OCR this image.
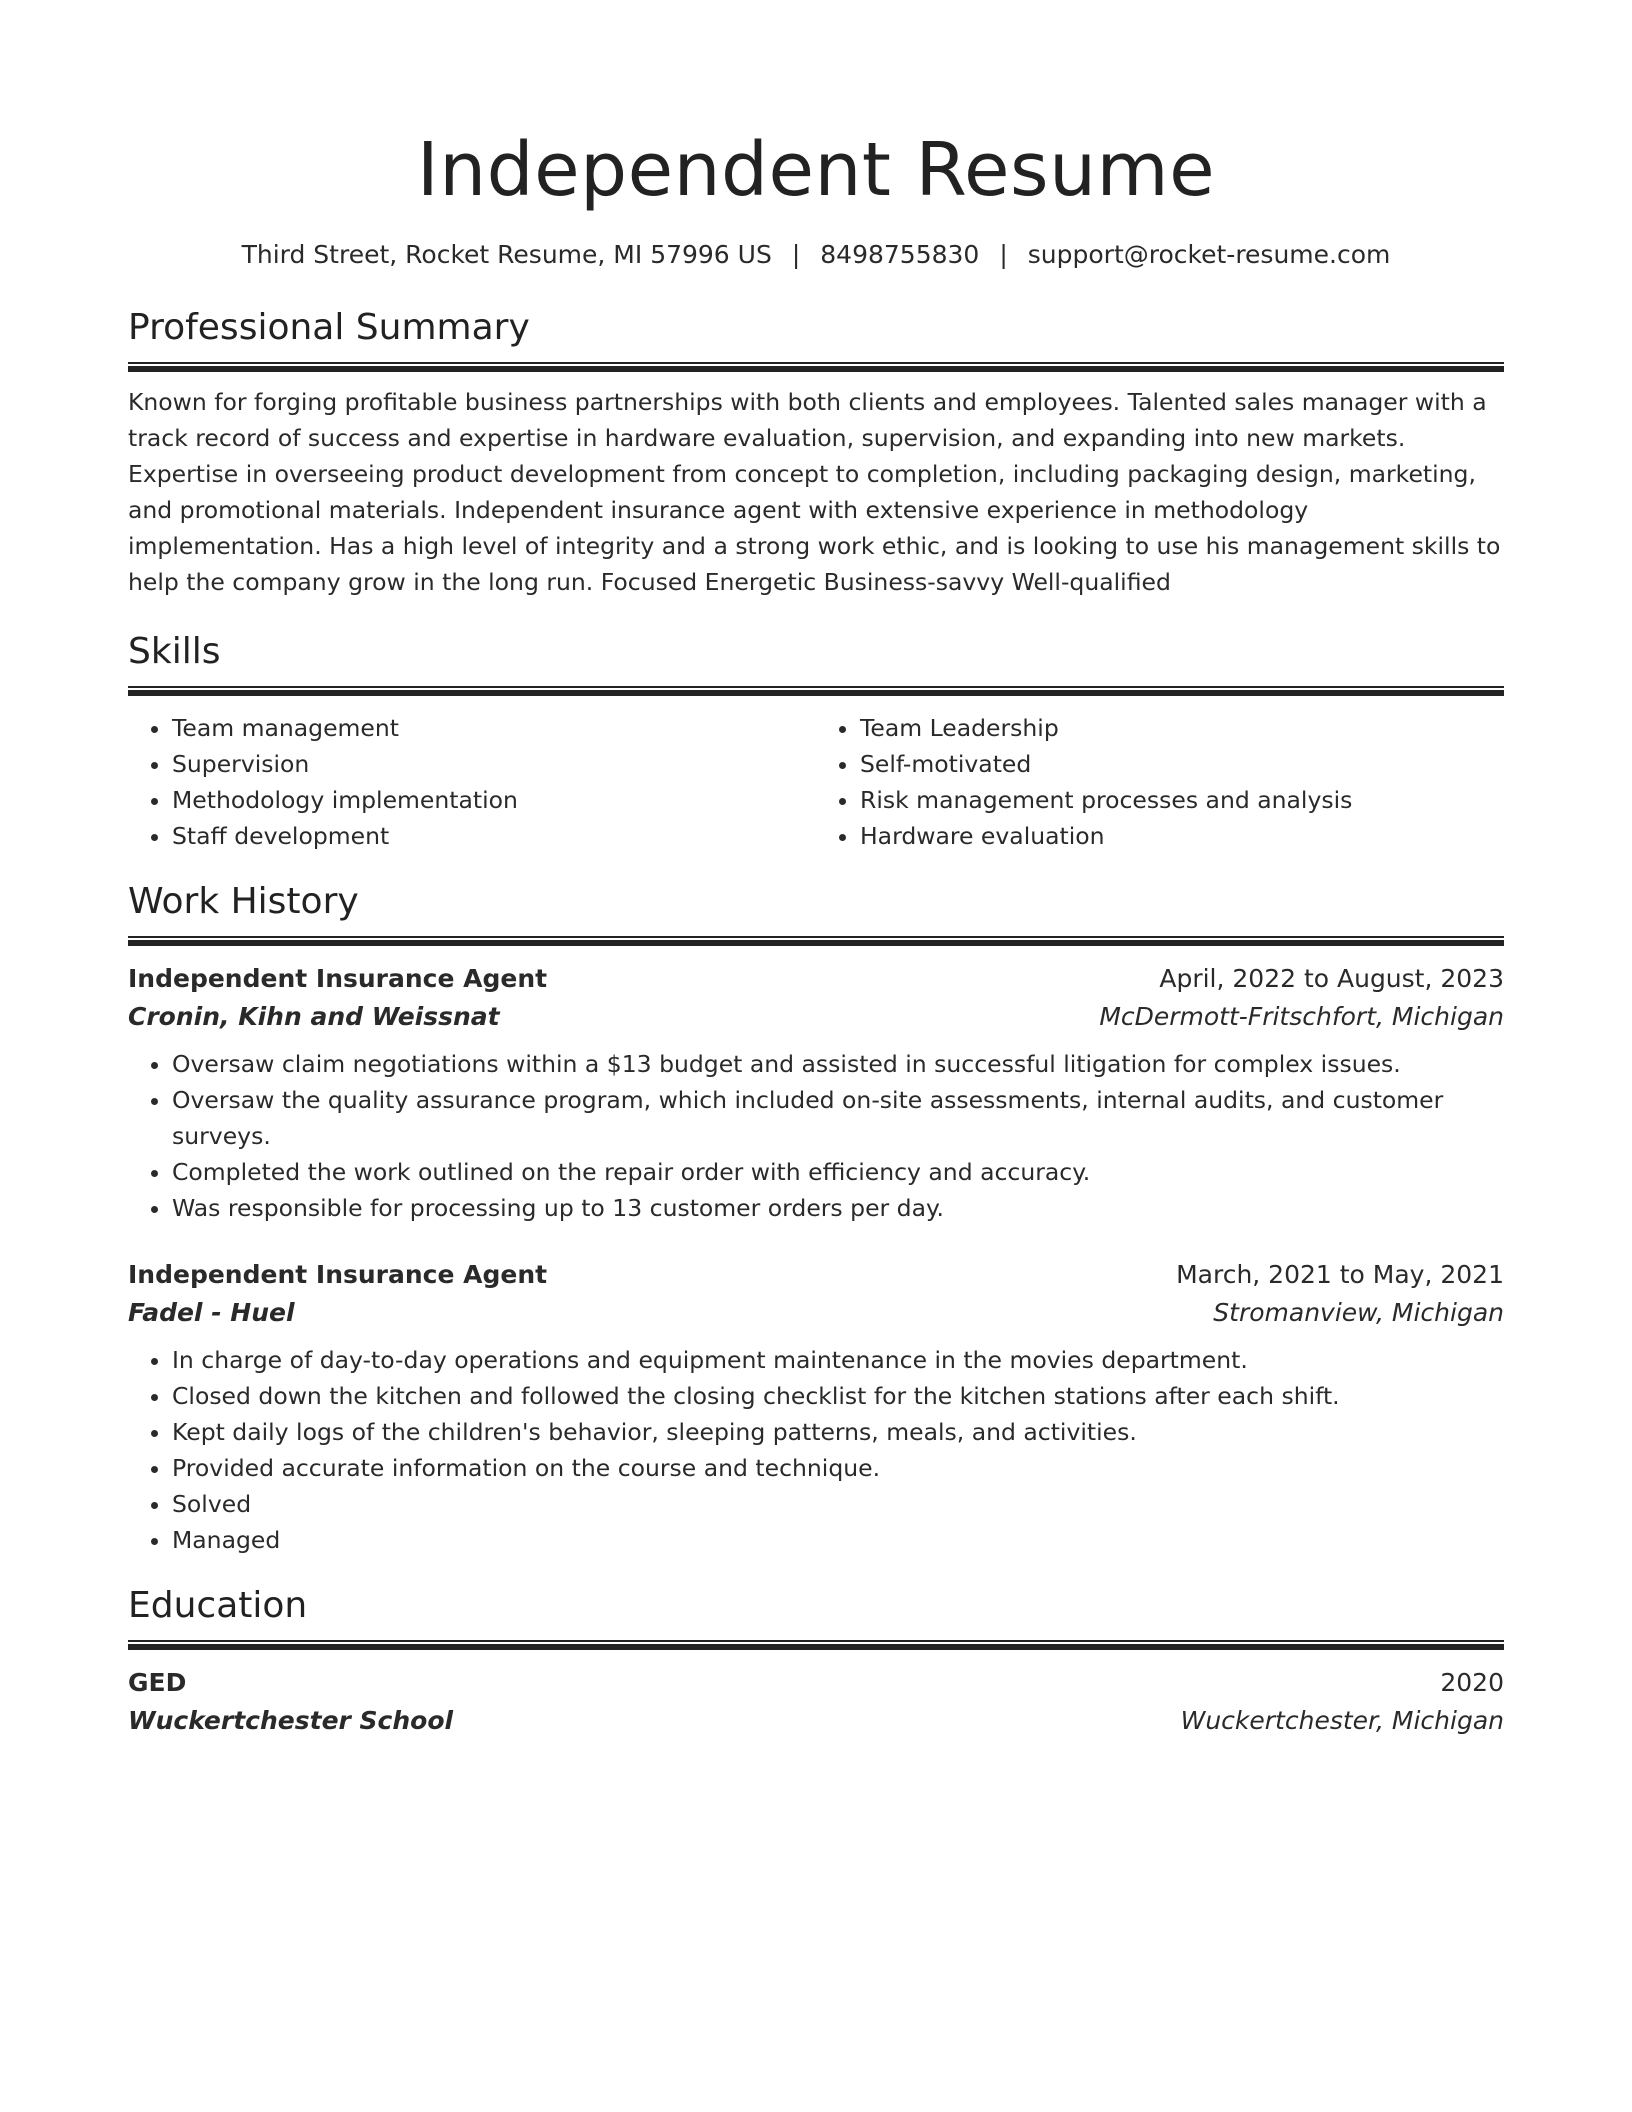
Independent Resume
Third Street, Rocket Resume, MI 57996 US | 8498755830 | support@rocket-resume.com
Professional Summary

Known for forging profitable business partnerships with both clients and employees. Talented sales manager with a track record of success and expertise in hardware evaluation, supervision, and expanding into new markets. Expertise in overseeing product development from concept to completion, including packaging design, marketing, and promotional materials. Independent insurance agent with extensive experience in methodology implementation. Has a high level of integrity and a strong work ethic, and is looking to use his management skills to help the company grow in the long run. Focused Energetic Business-savvy Well-qualified

Skills
• Team management
• Supervision
• Methodology implementation
• Staff development
• Team Leadership
• Self-motivated
• Risk management processes and analysis
• Hardware evaluation
Work History
Independent Insurance Agent	April, 2022 to August, 2023
Cronin, Kihn and Weissnat	McDermott-Fritschfort, Michigan
• Oversaw claim negotiations within a $13 budget and assisted in successful litigation for complex issues.
• Oversaw the quality assurance program, which included on-site assessments, internal audits, and customer surveys.
• Completed the work outlined on the repair order with efficiency and accuracy.
• Was responsible for processing up to 13 customer orders per day.
Independent Insurance Agent	March, 2021 to May, 2021
Fadel - Huel	Stromanview, Michigan
• In charge of day-to-day operations and equipment maintenance in the movies department.
• Closed down the kitchen and followed the closing checklist for the kitchen stations after each shift.
• Kept daily logs of the children's behavior, sleeping patterns, meals, and activities.
• Provided accurate information on the course and technique.
• Solved
• Managed
Education
GED	2020
Wuckertchester School	Wuckertchester, Michigan
